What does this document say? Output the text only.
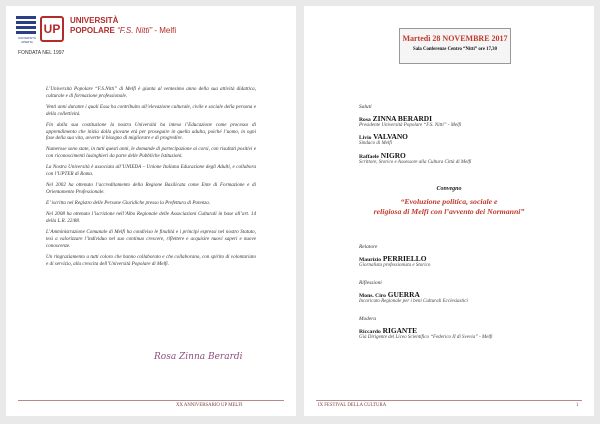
UNIVERSITÀ APERTA
UP
UNIVERSITÀ
POPOLARE “F.S. Nitti” - Melfi
FONDATA NEL 1997

L’Università Popolare “F.S.Nitti” di Melfi è giunta al ventesimo anno della sua attività didattica, culturale e di formazione professionale.

Venti anni durante i quali Essa ha contribuito all’elevazione culturale, civile e sociale della persona e della collettività.

Fin dalla sua costituzione la nostra Università ha inteso l’Educazione come processo di apprendimento che inizia dalla giovane età per proseguire in quella adulta, poiché l’uomo, in ogni fase della sua vita, avverte il bisogno di migliorare e di progredire.

Numerose sono state, in tutti questi anni, le domande di partecipazione ai corsi, con risultati positivi e con riconoscimenti lusinghieri da parte delle Pubbliche Istituzioni.

La Nostra Università è associata all’UNIEDA – Unione Italiana Educazione degli Adulti, e collabora con l’UPTER di Roma.

Nel 2002 ha ottenuto l’accreditamento della Regione Basilicata come Ente di Formazione e di Orientamento Professionale.

E’ iscritta nel Registro delle Persone Giuridiche presso la Prefettura di Potenza.

Nel 2008 ha ottenuto l’iscrizione nell’Albo Regionale delle Associazioni Culturali in base all’art. 14 della L.R. 22/88.

L’Amministrazione Comunale di Melfi ha condiviso le finalità e i principi espressi nel nostro Statuto, tesi a valorizzare l’individuo nel suo continuo crescere, riflettere e acquisire nuovi saperi e nuove conoscenze.

Un ringraziamento a tutti coloro che hanno collaborato e che collaborano, con spirito di volontariato e di servizio, alla crescita dell’Università Popolare di Melfi.

Rosa Zinna Berardi
XX ANNIVERSARIO UP MELFI
Martedì 28 NOVEMBRE 2017
Sala Conferenze Centro “Nitti” ore 17,30
Saluti
Rosa ZINNA BERARDI
Presidente Università Popolare “F.S. Nitti” - Melfi
Livio VALVANO
Sindaco di Melfi
Raffaele NIGRO
Scrittore, Storico e Assessore alla Cultura Città di Melfi
Convegno
“Evoluzione politica, sociale e
religiosa di Melfi con l’avvento dei Normanni”
Relatore
Maurizio PERRIELLO
Giornalista professionista e Storico
Riflessioni
Mons. Ciro GUERRA
Incaricato Regionale per i beni Culturali Ecclesiastici
Modera
Riccardo RIGANTE
Già Dirigente del Liceo Scientifico “Federico II di Svevia” - Melfi
IX FESTIVAL DELLA CULTURA	1
